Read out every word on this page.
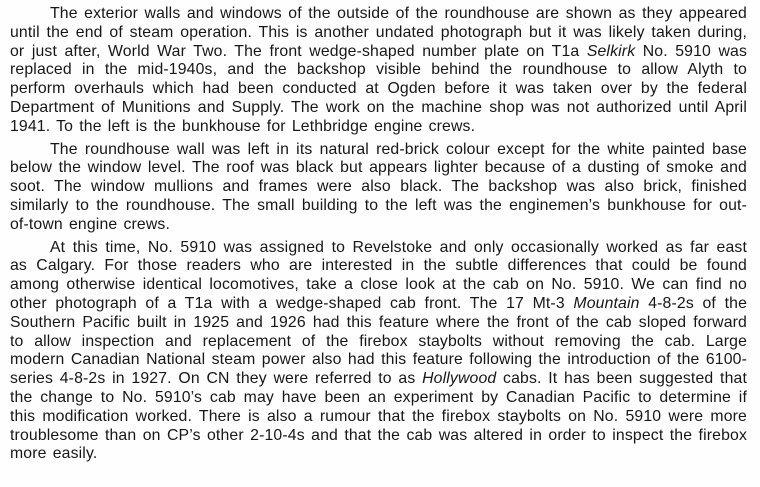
The exterior walls and windows of the outside of the roundhouse are shown as they appeared until the end of steam operation. This is another undated photograph but it was likely taken during, or just after, World War Two. The front wedge-shaped number plate on T1a Selkirk No. 5910 was replaced in the mid-1940s, and the backshop visible behind the roundhouse to allow Alyth to perform overhauls which had been conducted at Ogden before it was taken over by the federal Department of Munitions and Supply. The work on the machine shop was not authorized until April 1941. To the left is the bunkhouse for Lethbridge engine crews.

The roundhouse wall was left in its natural red-brick colour except for the white painted base below the window level. The roof was black but appears lighter because of a dusting of smoke and soot. The window mullions and frames were also black. The backshop was also brick, finished similarly to the roundhouse. The small building to the left was the enginemen’s bunkhouse for out-of-town engine crews.

At this time, No. 5910 was assigned to Revelstoke and only occasionally worked as far east as Calgary. For those readers who are interested in the subtle differences that could be found among otherwise identical locomotives, take a close look at the cab on No. 5910. We can find no other photograph of a T1a with a wedge-shaped cab front. The 17 Mt-3 Mountain 4-8-2s of the Southern Pacific built in 1925 and 1926 had this feature where the front of the cab sloped forward to allow inspection and replacement of the firebox staybolts without removing the cab. Large modern Canadian National steam power also had this feature following the introduction of the 6100-series 4-8-2s in 1927. On CN they were referred to as Hollywood cabs. It has been suggested that the change to No. 5910’s cab may have been an experiment by Canadian Pacific to determine if this modification worked. There is also a rumour that the firebox staybolts on No. 5910 were more troublesome than on CP’s other 2-10-4s and that the cab was altered in order to inspect the firebox more easily.
